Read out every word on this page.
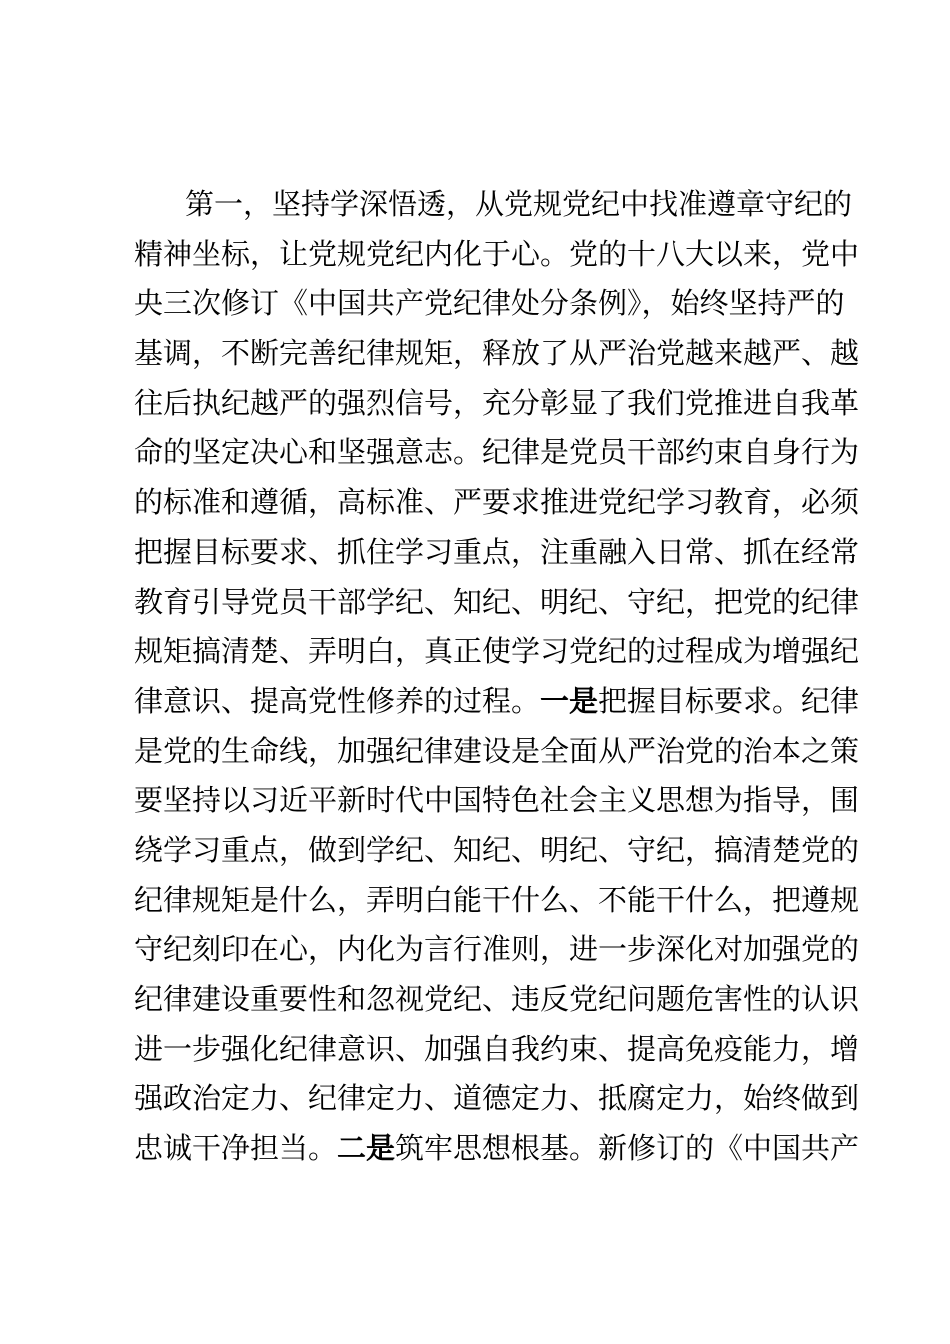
第一，坚持学深悟透，从党规党纪中找准遵章守纪的
精神坐标，让党规党纪内化于心。党的十八大以来，党中
央三次修订《中国共产党纪律处分条例》，始终坚持严的
基调，不断完善纪律规矩，释放了从严治党越来越严、越
往后执纪越严的强烈信号，充分彰显了我们党推进自我革
命的坚定决心和坚强意志。纪律是党员干部约束自身行为
的标准和遵循，高标准、严要求推进党纪学习教育，必须
把握目标要求、抓住学习重点，注重融入日常、抓在经常
教育引导党员干部学纪、知纪、明纪、守纪，把党的纪律
规矩搞清楚、弄明白，真正使学习党纪的过程成为增强纪
律意识、提高党性修养的过程。一是把握目标要求。纪律
是党的生命线，加强纪律建设是全面从严治党的治本之策
要坚持以习近平新时代中国特色社会主义思想为指导，围
绕学习重点，做到学纪、知纪、明纪、守纪，搞清楚党的
纪律规矩是什么，弄明白能干什么、不能干什么，把遵规
守纪刻印在心，内化为言行准则，进一步深化对加强党的
纪律建设重要性和忽视党纪、违反党纪问题危害性的认识
进一步强化纪律意识、加强自我约束、提高免疫能力，增
强政治定力、纪律定力、道德定力、抵腐定力，始终做到
忠诚干净担当。二是筑牢思想根基。新修订的《中国共产
